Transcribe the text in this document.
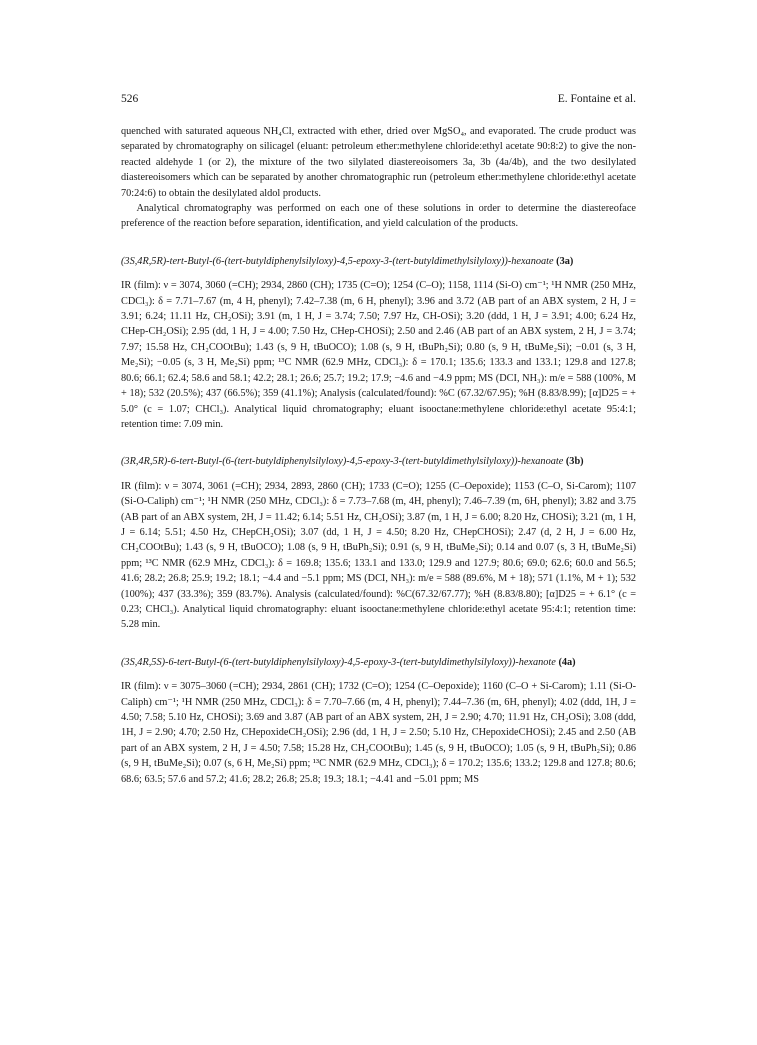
526	E. Fontaine et al.

quenched with saturated aqueous NH₄Cl, extracted with ether, dried over MgSO₄, and evaporated. The crude product was separated by chromatography on silicagel (eluant: petroleum ether:methylene chloride:ethyl acetate 90:8:2) to give the non-reacted aldehyde 1 (or 2), the mixture of the two silylated diastereoisomers 3a, 3b (4a/4b), and the two desilylated diastereoisomers which can be separated by another chromatographic run (petroleum ether:methylene chloride:ethyl acetate 70:24:6) to obtain the desilylated aldol products.

Analytical chromatography was performed on each one of these solutions in order to determine the diastereoface preference of the reaction before separation, identification, and yield calculation of the products.

(3S,4R,5R)-tert-Butyl-(6-(tert-butyldiphenylsilyloxy)-4,5-epoxy-3-(tert-butyldimethylsilyloxy))-hexanoate (3a)

IR (film): ν = 3074, 3060 (=CH); 2934, 2860 (CH); 1735 (C=O); 1254 (C–O); 1158, 1114 (Si-O) cm⁻¹; ¹H NMR (250 MHz, CDCl₃): δ = 7.71–7.67 (m, 4 H, phenyl); 7.42–7.38 (m, 6 H, phenyl); 3.96 and 3.72 (AB part of an ABX system, 2 H, J = 3.91; 6.24; 11.11 Hz, CH₂OSi); 3.91 (m, 1 H, J = 3.74; 7.50; 7.97 Hz, CH-OSi); 3.20 (ddd, 1 H, J = 3.91; 4.00; 6.24 Hz, CHep-CH₂OSi); 2.95 (dd, 1 H, J = 4.00; 7.50 Hz, CHep-CHOSi); 2.50 and 2.46 (AB part of an ABX system, 2 H, J = 3.74; 7.97; 15.58 Hz, CH₂COOtBu); 1.43 (s, 9 H, tBuOCO); 1.08 (s, 9 H, tBuPh₂Si); 0.80 (s, 9 H, tBuMe₂Si); −0.01 (s, 3 H, Me₂Si); −0.05 (s, 3 H, Me₂Si) ppm; ¹³C NMR (62.9 MHz, CDCl₃): δ = 170.1; 135.6; 133.3 and 133.1; 129.8 and 127.8; 80.6; 66.1; 62.4; 58.6 and 58.1; 42.2; 28.1; 26.6; 25.7; 19.2; 17.9; −4.6 and −4.9 ppm; MS (DCI, NH₃): m/e = 588 (100%, M + 18); 532 (20.5%); 437 (66.5%); 359 (41.1%); Analysis (calculated/found): %C (67.32/67.95); %H (8.83/8.99); [α]D25 = + 5.0° (c = 1.07; CHCl₃). Analytical liquid chromatography; eluant isooctane:methylene chloride:ethyl acetate 95:4:1; retention time: 7.09 min.

(3R,4R,5R)-6-tert-Butyl-(6-(tert-butyldiphenylsilyloxy)-4,5-epoxy-3-(tert-butyldimethylsilyloxy))-hexanoate (3b)

IR (film): ν = 3074, 3061 (=CH); 2934, 2893, 2860 (CH); 1733 (C=O); 1255 (C–Oepoxide); 1153 (C–O, Si-Carom); 1107 (Si-O-Caliph) cm⁻¹; ¹H NMR (250 MHz, CDCl₃): δ = 7.73–7.68 (m, 4H, phenyl); 7.46–7.39 (m, 6H, phenyl); 3.82 and 3.75 (AB part of an ABX system, 2H, J = 11.42; 6.14; 5.51 Hz, CH₂OSi); 3.87 (m, 1 H, J = 6.00; 8.20 Hz, CHOSi); 3.21 (m, 1 H, J = 6.14; 5.51; 4.50 Hz, CHepCH₂OSi); 3.07 (dd, 1 H, J = 4.50; 8.20 Hz, CHepCHOSi); 2.47 (d, 2 H, J = 6.00 Hz, CH₂COOtBu); 1.43 (s, 9 H, tBuOCO); 1.08 (s, 9 H, tBuPh₂Si); 0.91 (s, 9 H, tBuMe₂Si); 0.14 and 0.07 (s, 3 H, tBuMe₂Si) ppm; ¹³C NMR (62.9 MHz, CDCl₃): δ = 169.8; 135.6; 133.1 and 133.0; 129.9 and 127.9; 80.6; 69.0; 62.6; 60.0 and 56.5; 41.6; 28.2; 26.8; 25.9; 19.2; 18.1; −4.4 and −5.1 ppm; MS (DCI, NH₃): m/e = 588 (89.6%, M + 18); 571 (1.1%, M + 1); 532 (100%); 437 (33.3%); 359 (83.7%). Analysis (calculated/found): %C(67.32/67.77); %H (8.83/8.80); [α]D25 = + 6.1° (c = 0.23; CHCl₃). Analytical liquid chromatography: eluant isooctane:methylene chloride:ethyl acetate 95:4:1; retention time: 5.28 min.

(3S,4R,5S)-6-tert-Butyl-(6-(tert-butyldiphenylsilyloxy)-4,5-epoxy-3-(tert-butyldimethylsilyloxy))-hexanote (4a)

IR (film): ν = 3075–3060 (=CH); 2934, 2861 (CH); 1732 (C=O); 1254 (C–Oepoxide); 1160 (C–O + Si-Carom); 1.11 (Si-O-Caliph) cm⁻¹; ¹H NMR (250 MHz, CDCl₃): δ = 7.70–7.66 (m, 4 H, phenyl); 7.44–7.36 (m, 6H, phenyl); 4.02 (ddd, 1H, J = 4.50; 7.58; 5.10 Hz, CHOSi); 3.69 and 3.87 (AB part of an ABX system, 2H, J = 2.90; 4.70; 11.91 Hz, CH₂OSi); 3.08 (ddd, 1H, J = 2.90; 4.70; 2.50 Hz, CHepoxideCH₂OSi); 2.96 (dd, 1 H, J = 2.50; 5.10 Hz, CHepoxideCHOSi); 2.45 and 2.50 (AB part of an ABX system, 2 H, J = 4.50; 7.58; 15.28 Hz, CH₂COOtBu); 1.45 (s, 9 H, tBuOCO); 1.05 (s, 9 H, tBuPh₂Si); 0.86 (s, 9 H, tBuMe₂Si); 0.07 (s, 6 H, Me₂Si) ppm; ¹³C NMR (62.9 MHz, CDCl₃); δ = 170.2; 135.6; 133.2; 129.8 and 127.8; 80.6; 68.6; 63.5; 57.6 and 57.2; 41.6; 28.2; 26.8; 25.8; 19.3; 18.1; −4.41 and −5.01 ppm; MS
